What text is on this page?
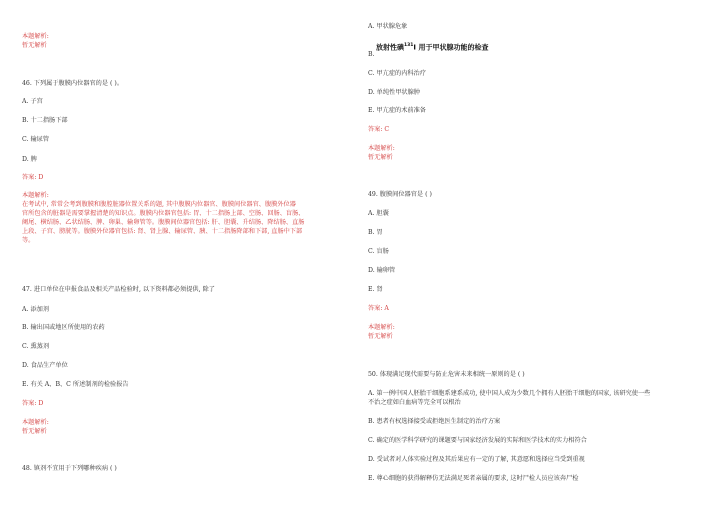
本题解析:
暂无解析
46. 下列属于腹膜内位器官的是 ( )。
A. 子宫
B. 十二指肠下部
C. 输尿管
D. 脾
答案: D
本题解析:
在考试中, 常常会考到腹膜和腹腔脏器位置关系的题, 其中腹膜内位器官、腹膜间位器官、腹膜外位器
官所包含的脏器是需要掌握清楚的知识点。腹膜内位器官包括: 胃、十二指肠上部、空肠、回肠、盲肠、
阑尾、横结肠、乙状结肠、脾、卵巢、输卵管等。腹膜间位器官包括: 肝、胆囊、升结肠、降结肠、直肠
上段、子宫、膀胱等。腹膜外位器官包括: 肾、肾上腺、输尿管、胰、十二指肠降部和下部, 直肠中下部
等。
47. 进口单位在申报食品及相关产品检验时, 以下资料都必须提供, 除了
A. 添加剂
B. 输出国或地区所使用的农药
C. 熏蒸剂
D. 食品生产单位
E. 有关 A、B、C 所述制剂的检验报告
答案: D
本题解析:
暂无解析
48. 镇剂不宜用于下列哪种疾病 ( )
A. 甲状腺危象
B.
放射性碘$^{131}$I 用于甲状腺功能的检查
C. 甲亢症的内科治疗
D. 单纯性甲状腺肿
E. 甲亢症的术前准备
答案: C
本题解析:
暂无解析
49. 腹膜间位器官是 ( )
A. 胆囊
B. 胃
C. 盲肠
D. 输卵管
E. 肾
答案: A
本题解析:
暂无解析
50. 体现满足现代需要与防止危害未来相统一原则的是 ( )
A. 第一例中国人胚胎干细胞系建系成功, 使中国人成为少数几个拥有人胚胎干细胞的国家, 该研究使一些
不治之症如白血病等完全可以根治
B. 患者有权选择接受或拒绝医生制定的治疗方案
C. 确定的医学科学研究的课题要与国家经济发展的实际和医学技术的实力相符合
D. 受试者对人体实验过程及其后果应有一定的了解, 其意愿和选择应当受到重视
E. 尊心细胞的获得解释仿无法满足死者亲属的要求, 这时尸检人员应该奔尸检
